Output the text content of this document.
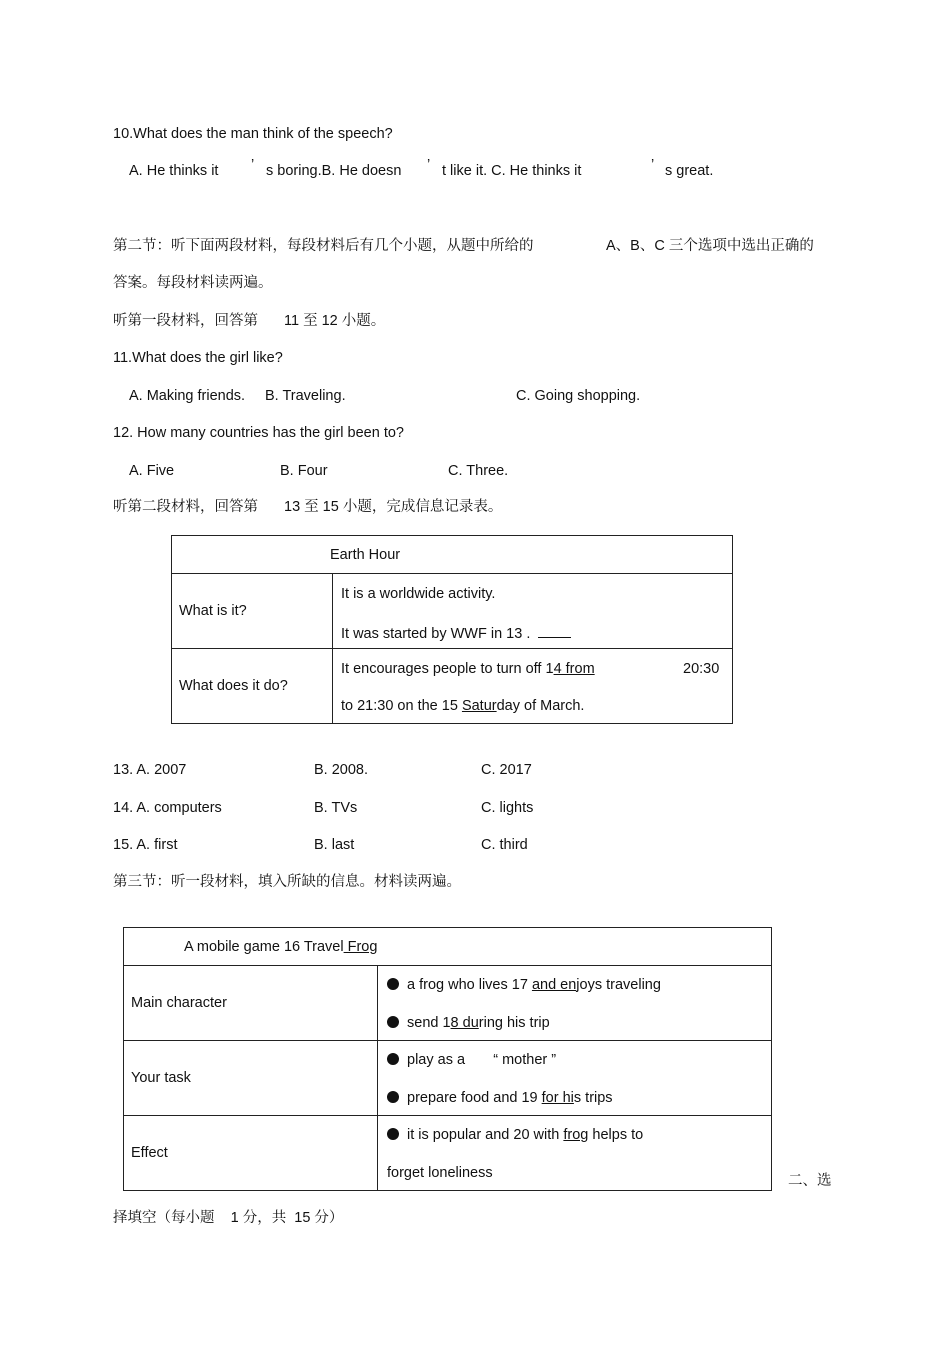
10.What does the man think of the speech?
A. He thinks it ’ s boring.B. He doesn ’ t like it. C. He thinks it	’ s great.
第二节：听下面两段材料，每段材料后有几个小题，从题中所给的	A、B、C 三个选项中选出正确的
答案。每段材料读两遍。
听第一段材料，回答第 11 至 12 小题。
11.What does the girl like?
A. Making friends. B. Traveling.	C. Going shopping.
12. How many countries has the girl been to?
A. Five	B. Four	C. Three.
听第二段材料，回答第 13 至 15 小题，完成信息记录表。
Earth Hour	
What is it?	It is a worldwide activity.
It was started by WWF in 13 .

What does it do?	It encourages people to turn off 14 from 20:30
to 21:30 on the 15 Saturday of March.
13. A. 2007	B. 2008.	C. 2017
14. A. computers	B. TVs	C. lights
15. A. first	B. last	C. third
第三节：听一段材料，填入所缺的信息。材料读两遍。
A mobile game 16 Travel Frog	
Main character	a frog who lives 17 and enjoys traveling
send 18 during his trip

Your task	play as a       “ mother ”
prepare food and 19 for his trips

Effect	it is popular and 20 with frog helps to
forget loneliness	二、选
择填空（每小题    1 分，共  15 分）
